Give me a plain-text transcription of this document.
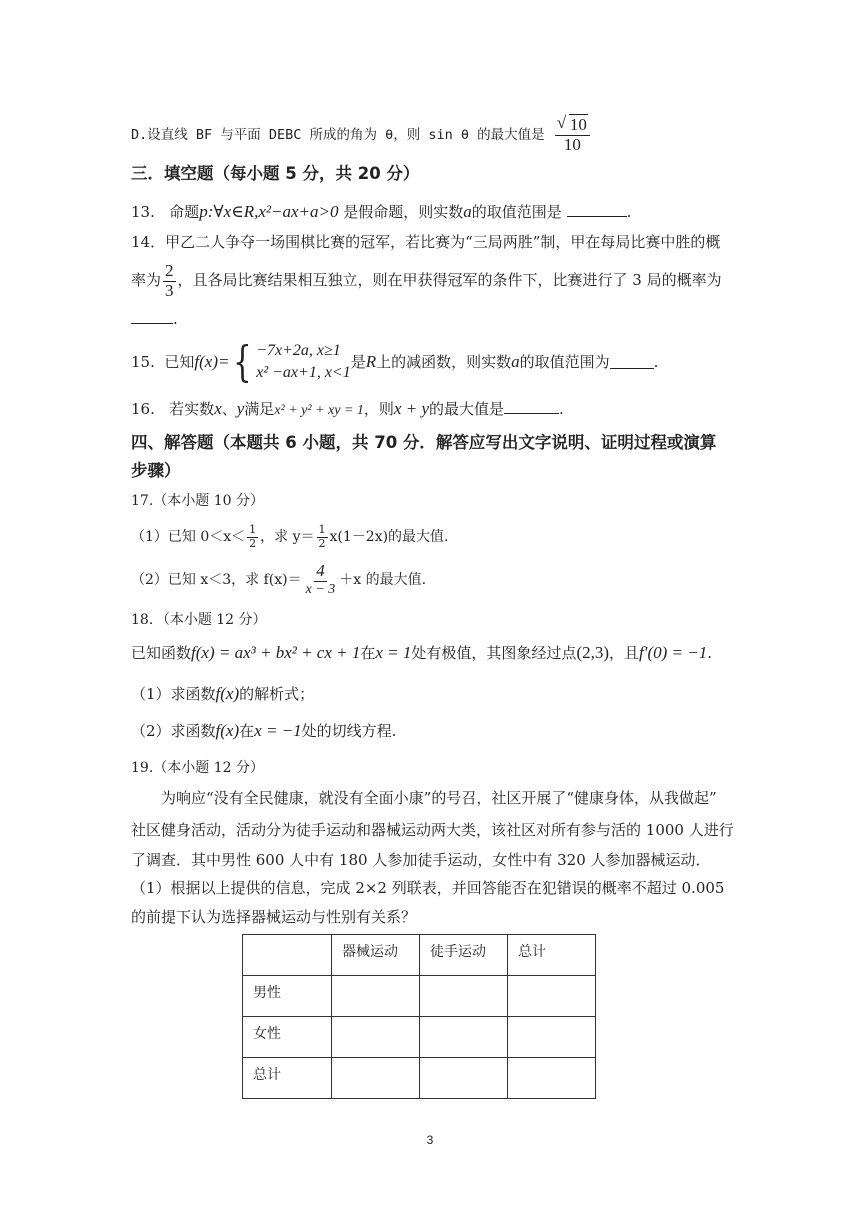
D.设直线 BF 与平面 DEBC 所成的角为 θ，则 sin θ 的最大值是 $\frac{√ 10}{10}$
三．填空题（每小题 5 分，共 20 分）
13. 命题p:∀x∈R,x²−ax+a>0 是假命题，则实数a的取值范围是	.
14．甲乙二人争夺一场围棋比赛的冠军，若比赛为“三局两胜”制，甲在每局比赛中胜的概
率为 $\frac{2}{3}$ ，且各局比赛结果相互独立，则在甲获得冠军的条件下，比赛进行了 3 局的概率为
.
15.
已知 f(x)= { −7x+2a, x≥1
x² −ax+1, x<1
是 R 上的减函数，则实数 a 的取值范围为	.
16. 若实数x、y满足x² + y² + xy = 1，则x + y的最大值是	.
四、解答题（本题共 6 小题，共 70 分．解答应写出文字说明、证明过程或演算
步骤）
17.（本小题 10 分）
（1）已知 $0<x< \frac{1}{2}$ ，求 $y= \frac{1}{2} x(1-2x)$的最大值.
（2）已知 x＜3，求 $f(x)= \frac{4}{x - 3} +x$ 的最大值.
18．（本小题 12 分）
已知函数f(x) = ax³ + bx² + cx + 1在x = 1处有极值，其图象经过点(2,3)，且f′(0) = −1.
（1）求函数f(x)的解析式；
（2）求函数f(x)在x = −1处的切线方程.
19.（本小题 12 分）
为响应“没有全民健康，就没有全面小康”的号召，社区开展了“健康身体，从我做起”
社区健身活动，活动分为徒手运动和器械运动两大类，该社区对所有参与活的 1000 人进行
了调查．其中男性 600 人中有 180 人参加徒手运动，女性中有 320 人参加器械运动．
（1）根据以上提供的信息，完成 2×2 列联表，并回答能否在犯错误的概率不超过 0.005
的前提下认为选择器械运动与性别有关系？
	器械运动	徒手运动	总计
男性			
女性			
总计			
3
